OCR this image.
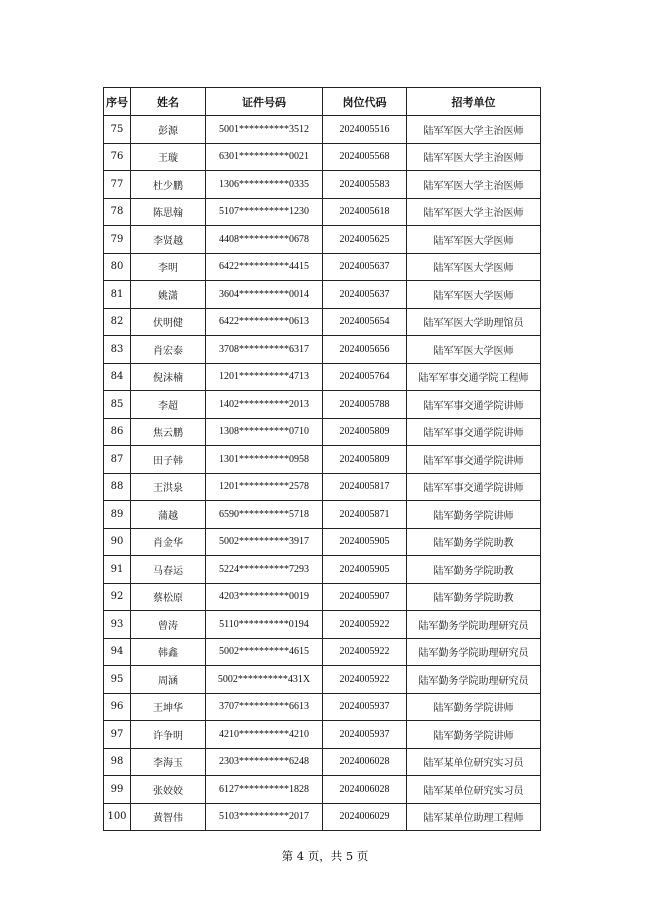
序号	姓名	证件号码	岗位代码	招考单位
75	彭源	5001**********3512	2024005516	陆军军医大学主治医师
76	王璇	6301**********0021	2024005568	陆军军医大学主治医师
77	杜少鹏	1306**********0335	2024005583	陆军军医大学主治医师
78	陈思翰	5107**********1230	2024005618	陆军军医大学主治医师
79	李贤越	4408**********0678	2024005625	陆军军医大学医师
80	李明	6422**********4415	2024005637	陆军军医大学医师
81	姚潇	3604**********0014	2024005637	陆军军医大学医师
82	伏明健	6422**********0613	2024005654	陆军军医大学助理馆员
83	肖宏泰	3708**********6317	2024005656	陆军军医大学医师
84	倪沫楠	1201**********4713	2024005764	陆军军事交通学院工程师
85	李超	1402**********2013	2024005788	陆军军事交通学院讲师
86	焦云鹏	1308**********0710	2024005809	陆军军事交通学院讲师
87	田子韩	1301**********0958	2024005809	陆军军事交通学院讲师
88	王洪泉	1201**********2578	2024005817	陆军军事交通学院讲师
89	蒲越	6590**********5718	2024005871	陆军勤务学院讲师
90	肖金华	5002**********3917	2024005905	陆军勤务学院助教
91	马春运	5224**********7293	2024005905	陆军勤务学院助教
92	蔡松原	4203**********0019	2024005907	陆军勤务学院助教
93	曾涛	5110**********0194	2024005922	陆军勤务学院助理研究员
94	韩鑫	5002**********4615	2024005922	陆军勤务学院助理研究员
95	周涵	5002**********431X	2024005922	陆军勤务学院助理研究员
96	王坤华	3707**********6613	2024005937	陆军勤务学院讲师
97	许争明	4210**********4210	2024005937	陆军勤务学院讲师
98	李海玉	2303**********6248	2024006028	陆军某单位研究实习员
99	张姣姣	6127**********1828	2024006028	陆军某单位研究实习员
100	黄智伟	5103**********2017	2024006029	陆军某单位助理工程师
第 4 页，共 5 页
